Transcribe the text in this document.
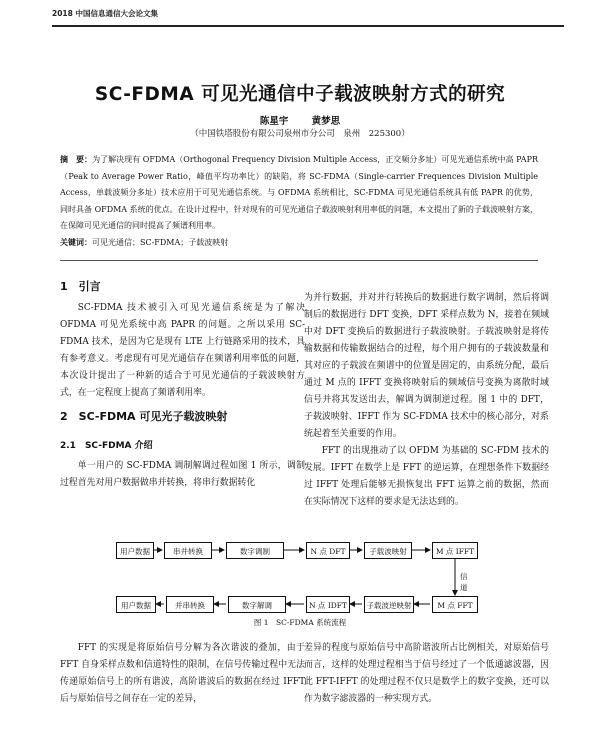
2018 中国信息通信大会论文集
SC-FDMA 可见光通信中子载波映射方式的研究
陈星宇 黄梦思
（中国铁塔股份有限公司泉州市分公司　泉州　225300）
摘　要：为了解决现有 OFDMA（Orthogonal Frequency Division Multiple Access，正交频分多址）可见光通信系统中高 PAPR（Peak to Average Power Ratio，峰值平均功率比）的缺陷，将 SC-FDMA（Single-carrier Frequences Division Multiple Access，单载波频分多址）技术应用于可见光通信系统。与 OFDMA 系统相比，SC-FDMA 可见光通信系统具有低 PAPR 的优势，同时具备 OFDMA 系统的优点。在设计过程中，针对现有的可见光通信子载波映射利用率低的问题，本文提出了新的子载波映射方案，在保障可见光通信的同时提高了频谱利用率。
关键词：可见光通信；SC-FDMA；子载波映射
1　引言

SC-FDMA 技术被引入可见光通信系统是为了解决 OFDMA 可见光系统中高 PAPR 的问题。之所以采用 SC-FDMA 技术，是因为它是现有 LTE 上行链路采用的技术，具有参考意义。考虑现有可见光通信存在频谱利用率低的问题，本次设计提出了一种新的适合于可见光通信的子载波映射方式，在一定程度上提高了频谱利用率。

2　SC-FDMA 可见光子载波映射
2.1　SC-FDMA 介绍

单一用户的 SC-FDMA 调制解调过程如图 1 所示，调制过程首先对用户数据做串并转换，将串行数据转化

为并行数据，并对并行转换后的数据进行数字调制，然后将调制后的数据进行 DFT 变换，DFT 采样点数为 N，接着在频域中对 DFT 变换后的数据进行子载波映射。子载波映射是将传输数据和传输数据结合的过程，每个用户拥有的子载波数量和其对应的子载波在频谱中的位置是固定的，由系统分配，最后通过 M 点的 IFFT 变换将映射后的频域信号变换为离散时域信号并将其发送出去，解调为调制逆过程。图 1 中的 DFT，子载波映射、IFFT 作为 SC-FDMA 技术中的核心部分，对系统起着至关重要的作用。

FFT 的出现推动了以 OFDM 为基础的 SC-FDM 技术的发展。IFFT 在数学上是 FFT 的逆运算，在理想条件下数据经过 IFFT 处理后能够无损恢复出 FFT 运算之前的数据，然而在实际情况下这样的要求是无法达到的。

用户数据	串并转换	数字调制	N 点 DFT	子载波映射	M 点 IFFT
信道
用户数据	并串转换	数字解调	N 点 IDFT	子载波逆映射	M 点 FFT
图 1　SC-FDMA 系统流程

FFT 的实现是将原始信号分解为各次谐波的叠加，由于 FFT 自身采样点数和信道特性的限制，在信号传输过程中无法传递原始信号上的所有谐波，高阶谐波后的数据在经过 IFFT 后与原始信号之间存在一定的差异，

差异的程度与原始信号中高阶谐波所占比例相关，对原始信号而言，这样的处理过程相当于信号经过了一个低通滤波器，因此 FFT-IFFT 的处理过程不仅只是数学上的数字变换，还可以作为数字滤波器的一种实现方式。
